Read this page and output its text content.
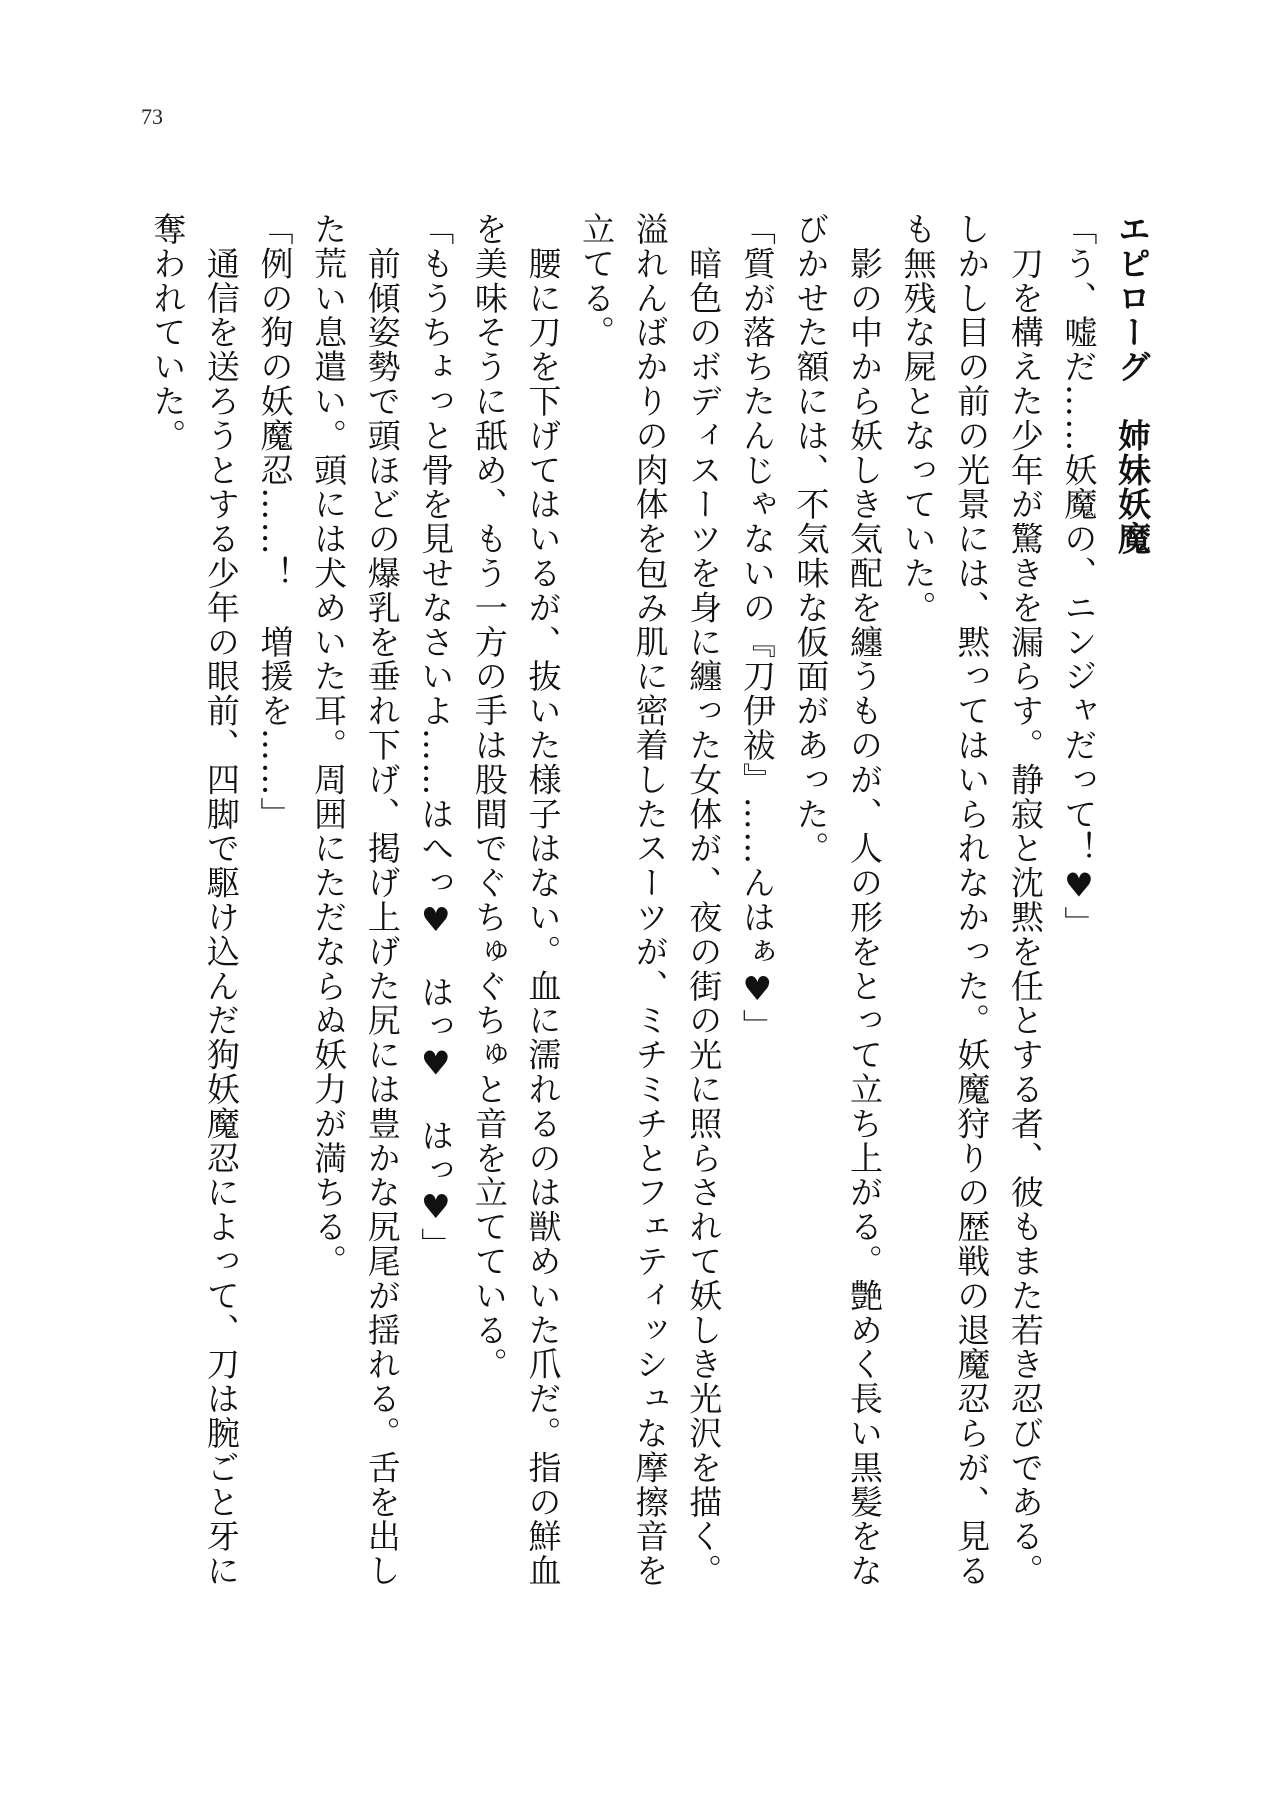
73

エピローグ　姉妹妖魔

「う、嘘だ……妖魔の、ニンジャだって！♥」

　刀を構えた少年が驚きを漏らす。静寂と沈黙を任とする者、彼もまた若き忍びである。

しかし目の前の光景には、黙ってはいられなかった。妖魔狩りの歴戦の退魔忍らが、見る

も無残な屍となっていた。

　影の中から妖しき気配を纏うものが、人の形をとって立ち上がる。艶めく長い黒髪をな

びかせた額には、不気味な仮面があった。

「質が落ちたんじゃないの『刀伊祓』……んはぁ♥」

　暗色のボディスーツを身に纏った女体が、夜の街の光に照らされて妖しき光沢を描く。

溢れんばかりの肉体を包み肌に密着したスーツが、ミチミチとフェティッシュな摩擦音を

立てる。

　腰に刀を下げてはいるが、抜いた様子はない。血に濡れるのは獣めいた爪だ。指の鮮血

を美味そうに舐め、もう一方の手は股間でぐちゅぐちゅと音を立てている。

「もうちょっと骨を見せなさいよ……はへっ♥　はっ♥　はっ♥」

　前傾姿勢で頭ほどの爆乳を垂れ下げ、掲げ上げた尻には豊かな尻尾が揺れる。舌を出し

た荒い息遣い。頭には犬めいた耳。周囲にただならぬ妖力が満ちる。

「例の狗の妖魔忍……！　増援を……」

　通信を送ろうとする少年の眼前、四脚で駆け込んだ狗妖魔忍によって、刀は腕ごと牙に

奪われていた。
